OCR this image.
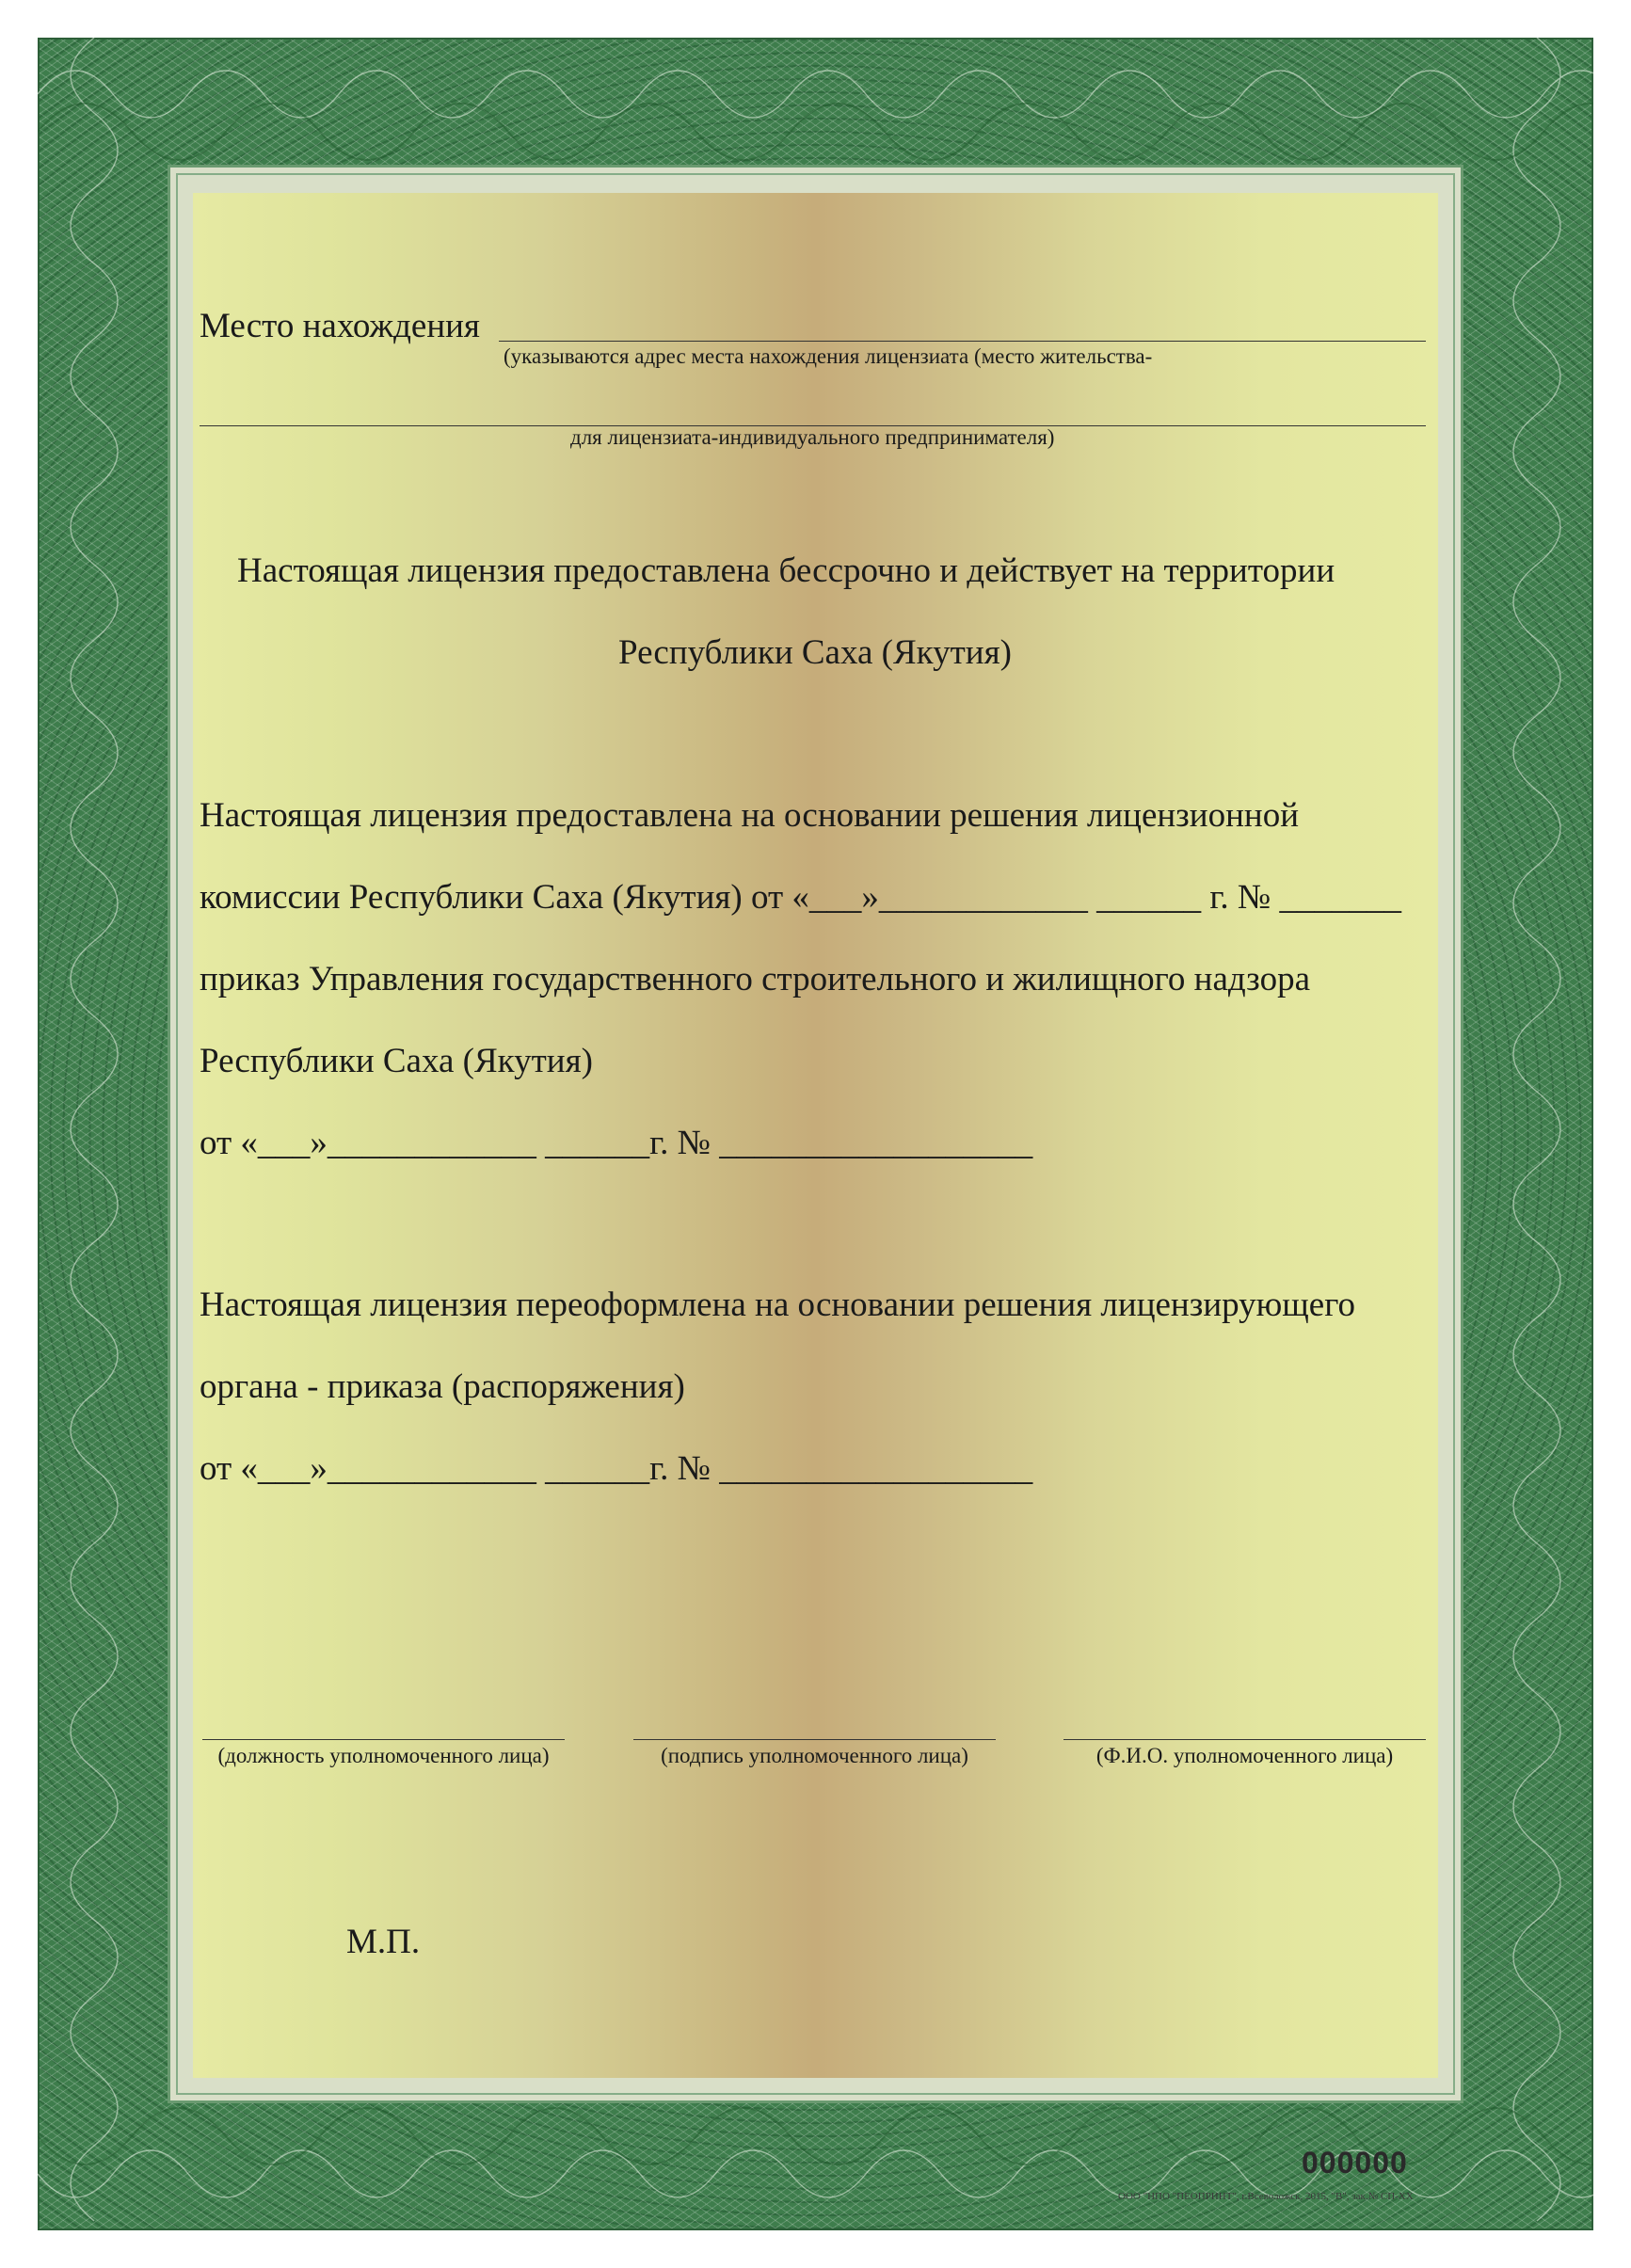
Место нахождения
(указываются адрес места нахождения лицензиата (место жительства-
для лицензиата-индивидуального предпринимателя)
Настоящая лицензия предоставлена бессрочно и действует на территории
Республики Саха (Якутия)
Настоящая лицензия предоставлена на основании решения лицензионной
комиссии Республики Саха (Якутия) от «___»____________ ______ г. № _______
приказ Управления государственного строительного и жилищного надзора
Республики Саха (Якутия)
от «___»____________ ______г. № __________________
Настоящая лицензия переоформлена на основании решения лицензирующего
органа - приказа (распоряжения)
от «___»____________ ______г. № __________________
(должность уполномоченного лица)	(подпись уполномоченного лица)	(Ф.И.О. уполномоченного лица)
М.П.
000000
ООО "НПО "ПЕОПРИНТ", г.Всеволожск, 2015, "В", зак.№ СП-XX
